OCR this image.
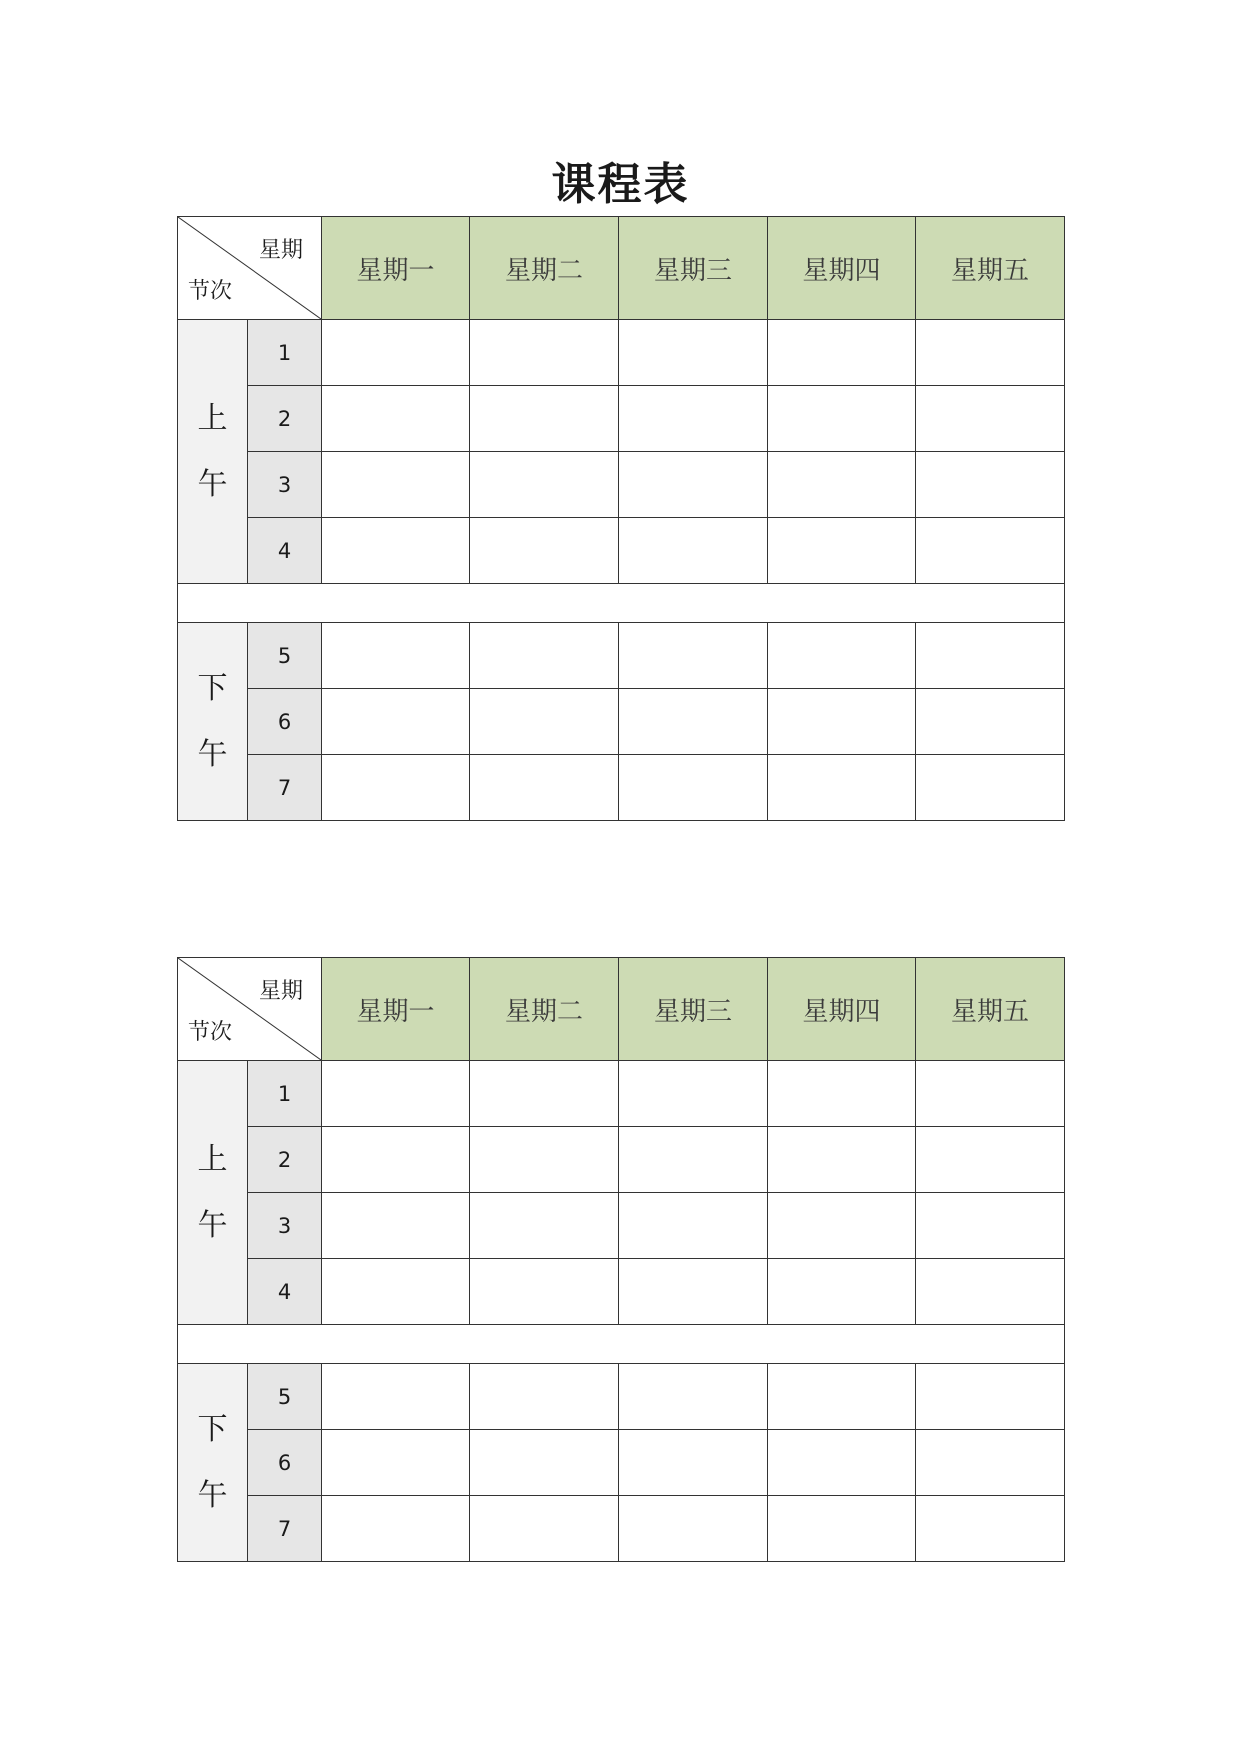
课程表
星期
节次		星期一	星期二	星期三	星期四	星期五

上
午	1					
	2					
	3					
	4					

下
午	5					
	6					
	7					
星期
节次		星期一	星期二	星期三	星期四	星期五

上
午	1					
	2					
	3					
	4					

下
午	5					
	6					
	7					
